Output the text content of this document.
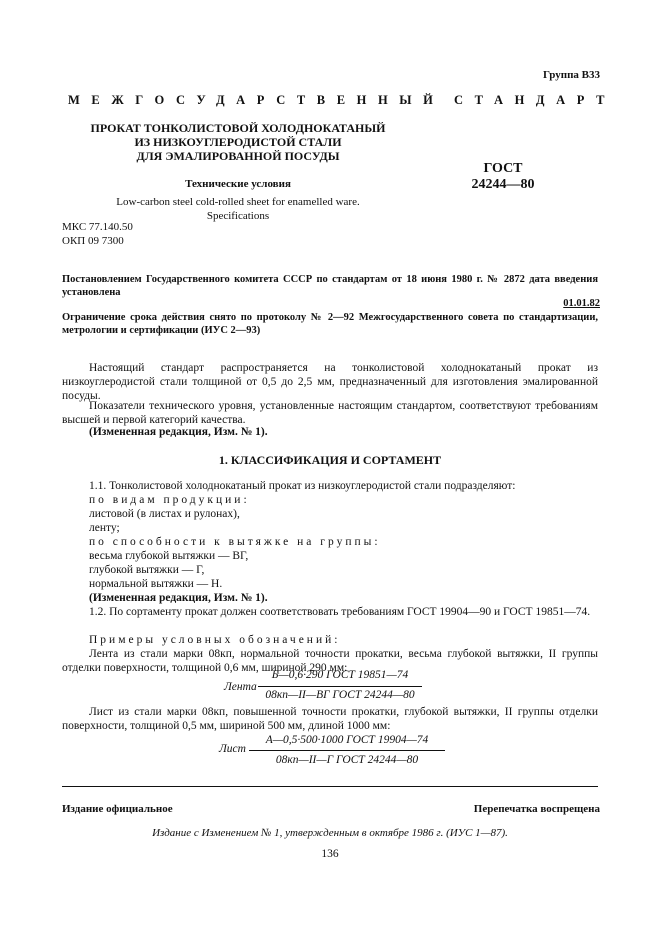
Группа В33
МЕЖГОСУДАРСТВЕННЫЙ СТАНДАРТ
ПРОКАТ ТОНКОЛИСТОВОЙ ХОЛОДНОКАТАНЫЙ
ИЗ НИЗКОУГЛЕРОДИСТОЙ СТАЛИ
ДЛЯ ЭМАЛИРОВАННОЙ ПОСУДЫ
Технические условия
Low-carbon steel cold-rolled sheet for enamelled ware.
Specifications
МКС 77.140.50
ОКП 09 7300
ГОСТ
24244—80
Постановлением Государственного комитета СССР по стандартам от 18 июня 1980 г. № 2872 дата введения установлена
01.01.82
Ограничение срока действия снято по протоколу № 2—92 Межгосударственного совета по стандартизации, метрологии и сертификации (ИУС 2—93)
Настоящий стандарт распространяется на тонколистовой холоднокатаный прокат из низкоуглеродистой стали толщиной от 0,5 до 2,5 мм, предназначенный для изготовления эмалированной посуды.
Показатели технического уровня, установленные настоящим стандартом, соответствуют требованиям высшей и первой категорий качества.
(Измененная редакция, Изм. № 1).
1. КЛАССИФИКАЦИЯ И СОРТАМЕНТ
1.1. Тонколистовой холоднокатаный прокат из низкоуглеродистой стали подразделяют:
по видам продукции:
листовой (в листах и рулонах),
ленту;
по способности к вытяжке на группы:
весьма глубокой вытяжки — ВГ,
глубокой вытяжки — Г,
нормальной вытяжки — Н.
(Измененная редакция, Изм. № 1).
1.2. По сортаменту прокат должен соответствовать требованиям ГОСТ 19904—90 и ГОСТ 19851—74.
Примеры условных обозначений:
Лента из стали марки 08кп, нормальной точности прокатки, весьма глубокой вытяжки, II группы отделки поверхности, толщиной 0,6 мм, шириной 290 мм:
Лента
Б—0,6·290 ГОСТ 19851—74
08кп—II—ВГ ГОСТ 24244—80
Лист из стали марки 08кп, повышенной точности прокатки, глубокой вытяжки, II группы отделки поверхности, толщиной 0,5 мм, шириной 500 мм, длиной 1000 мм:
Лист
А—0,5·500·1000 ГОСТ 19904—74
08кп—II—Г ГОСТ 24244—80
Издание официальное	Перепечатка воспрещена
Издание с Изменением № 1, утвержденным в октябре 1986 г. (ИУС 1—87).
136
